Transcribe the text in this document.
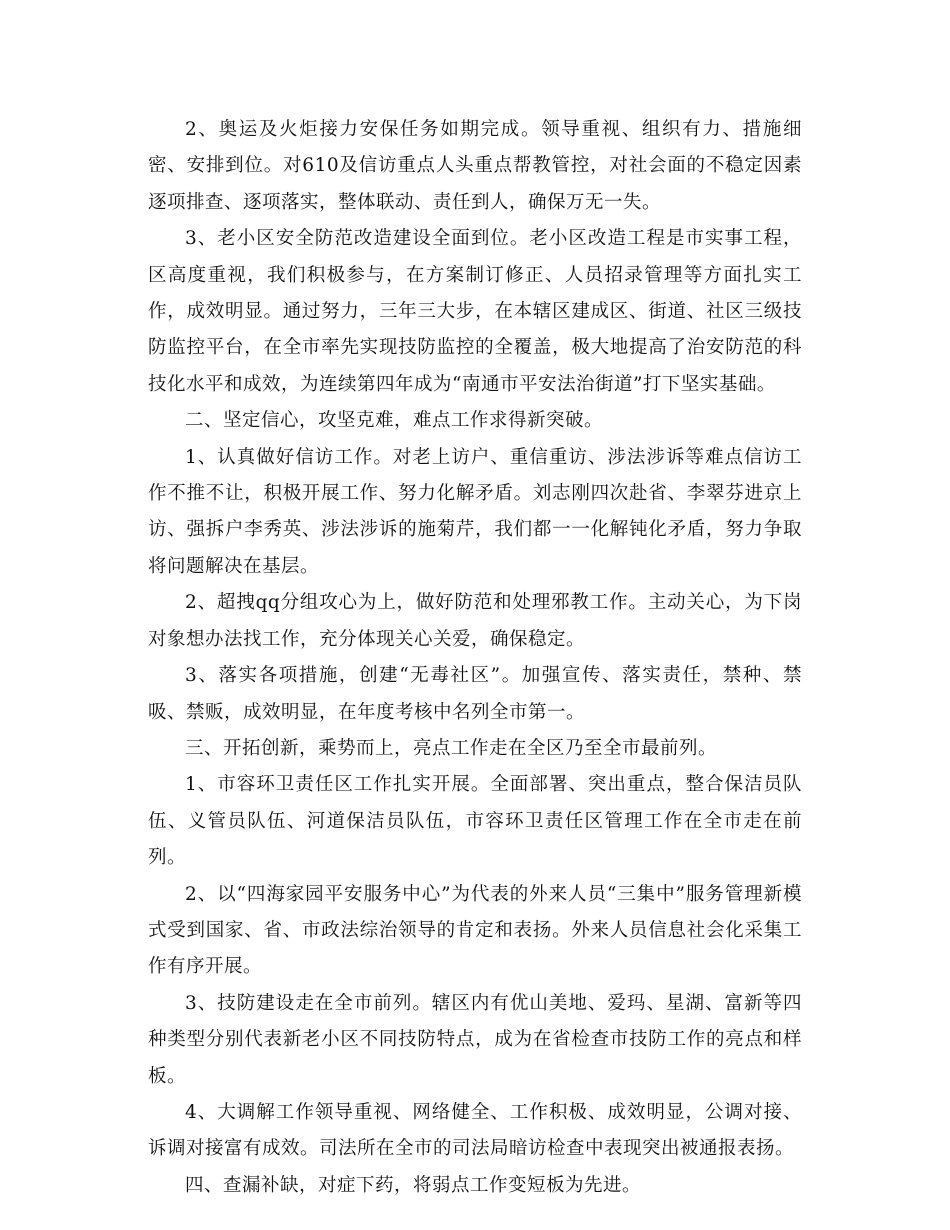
2、奥运及火炬接力安保任务如期完成。领导重视、组织有力、措施细密、安排到位。对610及信访重点人头重点帮教管控，对社会面的不稳定因素逐项排查、逐项落实，整体联动、责任到人，确保万无一失。

3、老小区安全防范改造建设全面到位。老小区改造工程是市实事工程，区高度重视，我们积极参与，在方案制订修正、人员招录管理等方面扎实工作，成效明显。通过努力，三年三大步，在本辖区建成区、街道、社区三级技防监控平台，在全市率先实现技防监控的全覆盖，极大地提高了治安防范的科技化水平和成效，为连续第四年成为“南通市平安法治街道”打下坚实基础。

二、坚定信心，攻坚克难，难点工作求得新突破。

1、认真做好信访工作。对老上访户、重信重访、涉法涉诉等难点信访工作不推不让，积极开展工作、努力化解矛盾。刘志刚四次赴省、李翠芬进京上访、强拆户李秀英、涉法涉诉的施菊芹，我们都一一化解钝化矛盾，努力争取将问题解决在基层。

2、超拽qq分组攻心为上，做好防范和处理邪教工作。主动关心，为下岗对象想办法找工作，充分体现关心关爱，确保稳定。

3、落实各项措施，创建“无毒社区”。加强宣传、落实责任，禁种、禁吸、禁贩，成效明显，在年度考核中名列全市第一。

三、开拓创新，乘势而上，亮点工作走在全区乃至全市最前列。

1、市容环卫责任区工作扎实开展。全面部署、突出重点，整合保洁员队伍、义管员队伍、河道保洁员队伍，市容环卫责任区管理工作在全市走在前列。

2、以“四海家园平安服务中心”为代表的外来人员“三集中”服务管理新模式受到国家、省、市政法综治领导的肯定和表扬。外来人员信息社会化采集工作有序开展。

3、技防建设走在全市前列。辖区内有优山美地、爱玛、星湖、富新等四种类型分别代表新老小区不同技防特点，成为在省检查市技防工作的亮点和样板。

4、大调解工作领导重视、网络健全、工作积极、成效明显，公调对接、诉调对接富有成效。司法所在全市的司法局暗访检查中表现突出被通报表扬。

四、查漏补缺，对症下药，将弱点工作变短板为先进。
